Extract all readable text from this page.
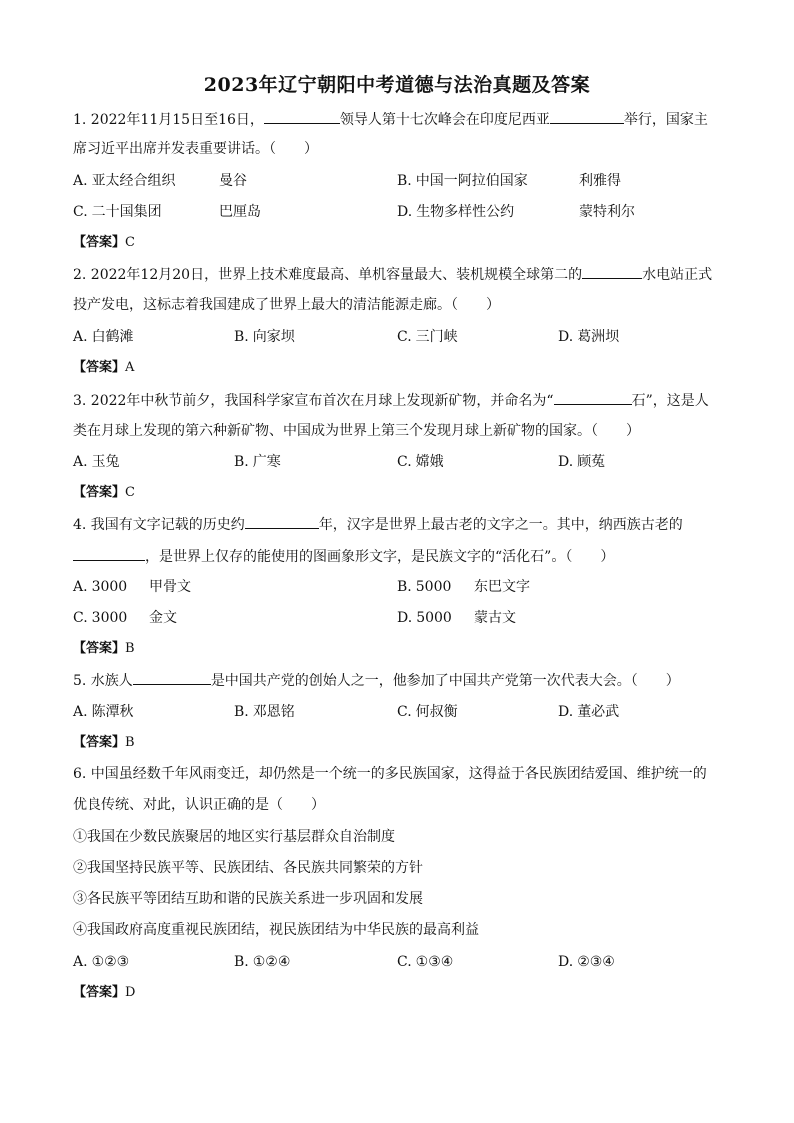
2023年辽宁朝阳中考道德与法治真题及答案
1. 2022年11月15日至16日，	领导人第十七次峰会在印度尼西亚	举行，国家主
席习近平出席并发表重要讲话。（　　）
A. 亚太经合组织	曼谷	B. 中国一阿拉伯国家	利雅得
C. 二十国集团	巴厘岛	D. 生物多样性公约	蒙特利尔
【答案】C
2. 2022年12月20日，世界上技术难度最高、单机容量最大、装机规模全球第二的	水电站正式
投产发电，这标志着我国建成了世界上最大的清洁能源走廊。（　　）
A. 白鹤滩	B. 向家坝	C. 三门峡	D. 葛洲坝
【答案】A
3. 2022年中秋节前夕，我国科学家宣布首次在月球上发现新矿物，并命名为“	石”，这是人
类在月球上发现的第六种新矿物、中国成为世界上第三个发现月球上新矿物的国家。（　　）
A. 玉兔	B. 广寒	C. 嫦娥	D. 顾菟
【答案】C
4. 我国有文字记载的历史约	年，汉字是世界上最古老的文字之一。其中，纳西族古老的
，是世界上仅存的能使用的图画象形文字，是民族文字的“活化石”。（　　）
A. 3000 甲骨文	B. 5000 东巴文字
C. 3000 金文	D. 5000 蒙古文
【答案】B
5. 水族人	是中国共产党的创始人之一，他参加了中国共产党第一次代表大会。（　　）
A. 陈潭秋	B. 邓恩铭	C. 何叔衡	D. 董必武
【答案】B
6. 中国虽经数千年风雨变迁，却仍然是一个统一的多民族国家，这得益于各民族团结爱国、维护统一的
优良传统、对此，认识正确的是（　　）
①我国在少数民族聚居的地区实行基层群众自治制度
②我国坚持民族平等、民族团结、各民族共同繁荣的方针
③各民族平等团结互助和谐的民族关系进一步巩固和发展
④我国政府高度重视民族团结，视民族团结为中华民族的最高利益
A. ①②③	B. ①②④	C. ①③④	D. ②③④
【答案】D
